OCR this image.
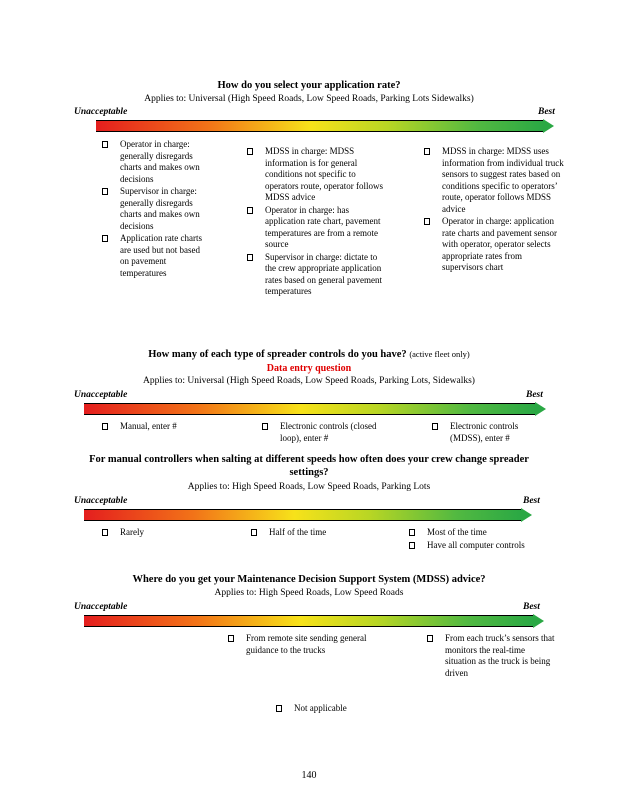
How do you select your application rate?
Applies to: Universal (High Speed Roads, Low Speed Roads, Parking Lots Sidewalks)
Unacceptable	Best
Operator in charge: generally disregards charts and makes own decisions
Supervisor in charge: generally disregards charts and makes own decisions
Application rate charts are used but not based on pavement temperatures
MDSS in charge: MDSS information is for general conditions not specific to operators route, operator follows MDSS advice
Operator in charge: has application rate chart, pavement temperatures are from a remote source
Supervisor in charge: dictate to the crew appropriate application rates based on general pavement temperatures
MDSS in charge: MDSS uses information from individual truck sensors to suggest rates based on conditions specific to operators’ route, operator follows MDSS advice
Operator in charge: application rate charts and pavement sensor with operator, operator selects appropriate rates from supervisors chart
How many of each type of spreader controls do you have? (active fleet only)
Data entry question
Applies to: Universal (High Speed Roads, Low Speed Roads, Parking Lots, Sidewalks)
Unacceptable	Best
Manual, enter #	Electronic controls (closed loop), enter #
Electronic controls (MDSS), enter #
For manual controllers when salting at different speeds how often does your crew change spreader
settings?
Applies to: High Speed Roads, Low Speed Roads, Parking Lots
Unacceptable	Best
Rarely	Half of the time	Most of the time
Have all computer controls
Where do you get your Maintenance Decision Support System (MDSS) advice?
Applies to: High Speed Roads, Low Speed Roads
Unacceptable	Best
From remote site sending general guidance to the trucks
From each truck’s sensors that monitors the real-time situation as the truck is being driven
Not applicable
140
